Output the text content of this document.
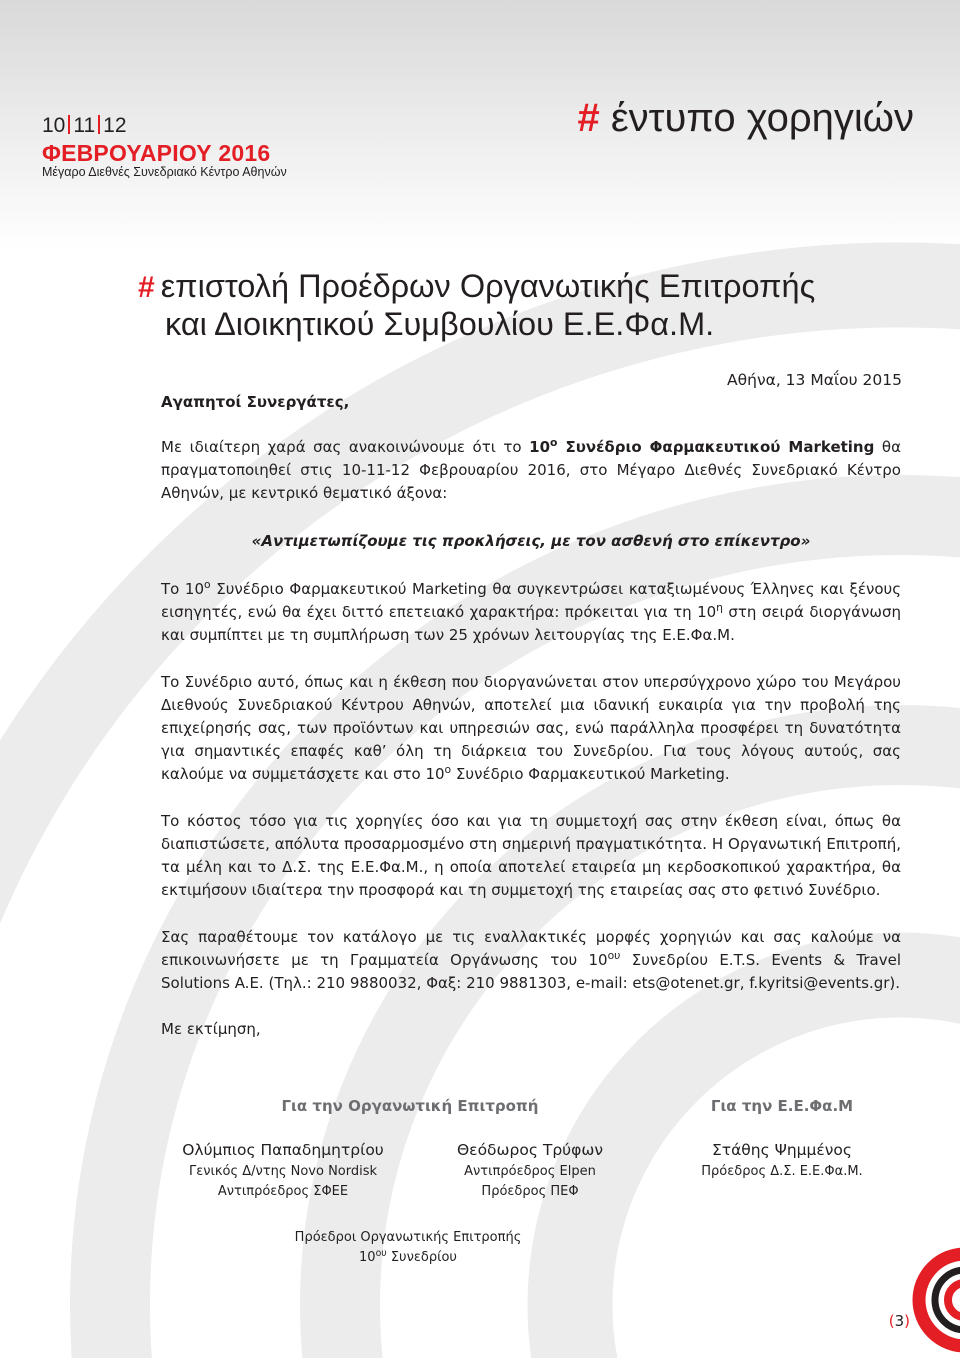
10 11 12
ΦΕΒΡΟΥΑΡΙΟΥ 2016
Μέγαρο Διεθνές Συνεδριακό Κέντρο Αθηνών
# έντυπο χορηγιών
# επιστολή Προέδρων Οργανωτικής Επιτροπής
και Διοικητικού Συμβουλίου Ε.Ε.Φα.Μ.
Αθήνα, 13 Μαΐου 2015
Αγαπητοί Συνεργάτες,
Με ιδιαίτερη χαρά σας ανακοινώνουμε ότι το $10^o$ Συνέδριο Φαρμακευτικού Marketing θα πραγματοποιηθεί στις 10-11-12 Φεβρουαρίου 2016, στο Μέγαρο Διεθνές Συνεδριακό Κέντρο Αθηνών, με κεντρικό θεματικό άξονα:
«Αντιμετωπίζουμε τις προκλήσεις, με τον ασθενή στο επίκεντρο»
Το $10^o$ Συνέδριο Φαρμακευτικού Marketing θα συγκεντρώσει καταξιωμένους Έλληνες και ξένους εισηγητές, ενώ θα έχει διττό επετειακό χαρακτήρα: πρόκειται για τη $10^\eta$ στη σειρά διοργάνωση και συμπίπτει με τη συμπλήρωση των 25 χρόνων λειτουργίας της Ε.Ε.Φα.Μ.
Το Συνέδριο αυτό, όπως και η έκθεση που διοργανώνεται στον υπερσύγχρονο χώρο του Μεγάρου Διεθνούς Συνεδριακού Κέντρου Αθηνών, αποτελεί μια ιδανική ευκαιρία για την προβολή της επιχείρησής σας, των προϊόντων και υπηρεσιών σας, ενώ παράλληλα προσφέρει τη δυνατότητα για σημαντικές επαφές καθ’ όλη τη διάρκεια του Συνεδρίου. Για τους λόγους αυτούς, σας καλούμε να συμμετάσχετε και στο $10^o$ Συνέδριο Φαρμακευτικού Marketing.
Το κόστος τόσο για τις χορηγίες όσο και για τη συμμετοχή σας στην έκθεση είναι, όπως θα διαπιστώσετε, απόλυτα προσαρμοσμένο στη σημερινή πραγματικότητα. Η Οργανωτική Επιτροπή, τα μέλη και το Δ.Σ. της Ε.Ε.Φα.Μ., η οποία αποτελεί εταιρεία μη κερδοσκοπικού χαρακτήρα, θα εκτιμήσουν ιδιαίτερα την προσφορά και τη συμμετοχή της εταιρείας σας στο φετινό Συνέδριο.
Σας παραθέτουμε τον κατάλογο με τις εναλλακτικές μορφές χορηγιών και σας καλούμε να επικοινωνήσετε με τη Γραμματεία Οργάνωσης του $10^{o\upsilon}$ Συνεδρίου E.T.S. Events & Travel Solutions A.E. (Τηλ.: 210 9880032, Φαξ: 210 9881303, e-mail: ets@otenet.gr, f.kyritsi@events.gr).
Με εκτίμηση,
Για την Οργανωτική Επιτροπή	Για την Ε.Ε.Φα.Μ
Ολύμπιος Παπαδημητρίου
Γενικός Δ/ντης Novo Nordisk
Αντιπρόεδρος ΣΦΕΕ
Θεόδωρος Τρύφων
Αντιπρόεδρος Elpen
Πρόεδρος ΠΕΦ
Στάθης Ψημμένος
Πρόεδρος Δ.Σ. Ε.Ε.Φα.Μ.
Πρόεδροι Οργανωτικής Επιτροπής
$10^{o\upsilon}$ Συνεδρίου
(3)
